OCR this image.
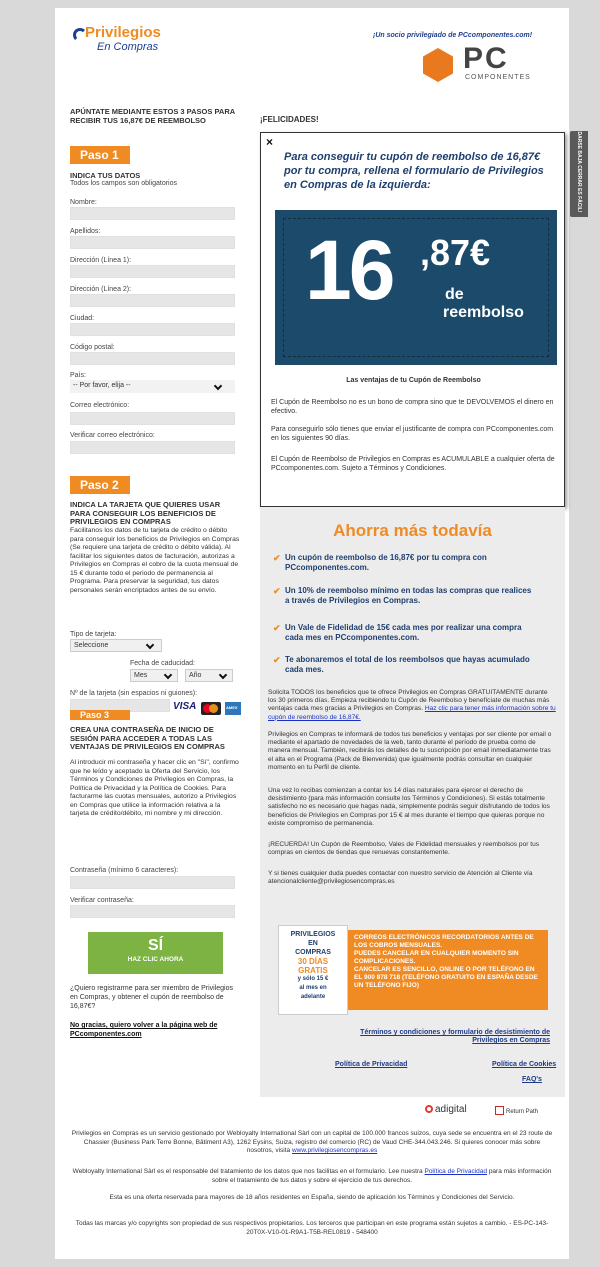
Privilegios
En Compras
¡Un socio privilegiado de PCcomponentes.com!
PC
COMPONENTES
APÚNTATE MEDIANTE ESTOS 3 PASOS PARA RECIBIR TUS 16,87€ DE REEMBOLSO
Paso 1
INDICA TUS DATOS
Todos los campos son obligatorios
Nombre:
Apellidos:
Dirección (Línea 1):
Dirección (Línea 2):
Ciudad:
Código postal:
País:
-- Por favor, elija --
Correo electrónico:
Verificar correo electrónico:
Paso 2
INDICA LA TARJETA QUE QUIERES USAR PARA CONSEGUIR LOS BENEFICIOS DE PRIVILEGIOS EN COMPRAS
Facilitanos los datos de tu tarjeta de crédito o débito para conseguir los beneficios de Privilegios en Compras (Se requiere una tarjeta de crédito o débito válida). Al facilitar los siguientes datos de facturación, autorizas a Privilegios en Compras el cobro de la cuota mensual de 15 € durante todo el periodo de permanencia al Programa. Para preservar la seguridad, tus datos personales serán encriptados antes de su envío.
Tipo de tarjeta:
Seleccione
Fecha de caducidad:
Mes	Año
Nº de la tarjeta (sin espacios ni guiones):
VISA	AMEX
Paso 3
CREA UNA CONTRASEÑA DE INICIO DE SESIÓN PARA ACCEDER A TODAS LAS VENTAJAS DE PRIVILEGIOS EN COMPRAS
Al introducir mi contraseña y hacer clic en "Sí", confirmo que he leído y aceptado la Oferta del Servicio, los Términos y Condiciones de Privilegios en Compras, la Política de Privacidad y la Política de Cookies. Para facturarme las cuotas mensuales, autorizo a Privilegios en Compras que utilice la información relativa a la tarjeta de crédito/débito, mi nombre y mi dirección.
Contraseña (mínimo 6 caracteres):
Verificar contraseña:
SÍ
HAZ CLIC AHORA
¿Quiero registrarme para ser miembro de Privilegios en Compras, y obtener el cupón de reembolso de 16,87€?
No gracias, quiero volver a la página web de PCcomponentes.com
¡FELICIDADES!
×
Para conseguir tu cupón de reembolso de 16,87€ por tu compra, rellena el formulario de Privilegios en Compras de la izquierda:
16 ,87€
de
reembolso
Las ventajas de tu Cupón de Reembolso
El Cupón de Reembolso no es un bono de compra sino que te DEVOLVEMOS el dinero en efectivo.
Para conseguirlo sólo tienes que enviar el justificante de compra con PCcomponentes.com en los siguientes 90 días.
El Cupón de Reembolso de Privilegios en Compras es ACUMULABLE a cualquier oferta de PCcomponentes.com. Sujeto a Términos y Condiciones.
DARSE BAJA CERRAR ES FÁCIL!
Ahorra más todavía
✔ Un cupón de reembolso de 16,87€ por tu compra con PCcomponentes.com.
✔ Un 10% de reembolso mínimo en todas las compras que realices a través de Privilegios en Compras.
✔ Un Vale de Fidelidad de 15€ cada mes por realizar una compra cada mes en PCcomponentes.com.
✔ Te abonaremos el total de los reembolsos que hayas acumulado cada mes.
Solicita TODOS los beneficios que te ofrece Privilegios en Compras GRATUITAMENTE durante los 30 primeros días. Empieza recibiendo tu Cupón de Reembolso y benefíciate de muchas más ventajas cada mes gracias a Privilegios en Compras. Haz clic para tener más información sobre tu cupón de reembolso de 16,87€.
Privilegios en Compras te informará de todos tus beneficios y ventajas por ser cliente por email o mediante el apartado de novedades de la web, tanto durante el período de prueba como de manera mensual. También, recibirás los detalles de tu suscripción por email inmediatamente tras el alta en el Programa (Pack de Bienvenida) que igualmente podrás consultar en cualquier momento en tu Perfil de cliente.
Una vez lo recibas comienzan a contar los 14 días naturales para ejercer el derecho de desistimiento (para más información consulte los Términos y Condiciones). Si estás totalmente satisfecho no es necesario que hagas nada, simplemente podrás seguir disfrutando de todos los beneficios de Privilegios en Compras por 15 € al mes durante el tiempo que quieras porque no existe compromiso de permanencia.
¡RECUERDA! Un Cupón de Reembolso, Vales de Fidelidad mensuales y reembolsos por tus compras en cientos de tiendas que renuevas constantemente.
Y si tienes cualquier duda puedes contactar con nuestro servicio de Atención al Cliente vía atencionalcliente@privilegiosencompras.es
PRIVILEGIOS
EN
COMPRAS
30 DÍAS
GRATIS
y sólo 15 €
al mes en
adelante
CORREOS ELECTRÓNICOS RECORDATORIOS ANTES DE LOS COBROS MENSUALES.
PUEDES CANCELAR EN CUALQUIER MOMENTO SIN COMPLICACIONES.
CANCELAR ES SENCILLO, ONLINE O POR TELÉFONO EN EL 900 878 718 (TELÉFONO GRATUITO EN ESPAÑA DESDE UN TELÉFONO FIJO)
Términos y condiciones y formulario de desistimiento de Privilegios en Compras
Política de Privacidad	Política de Cookies
FAQ's
adigital	Return Path
Privilegios en Compras es un servicio gestionado por Webloyalty International Sàrl con un capital de 100.000 francos suizos, cuya sede se encuentra en el 23 route de Chassier (Business Park Terre Bonne, Bâtiment A3), 1262 Eysins, Suiza, registro del comercio (RC) de Vaud CHE-344.043.246. Si quieres conocer más sobre nosotros, visita www.privilegiosencompras.es
Webloyalty International Sàrl es el responsable del tratamiento de los datos que nos facilitas en el formulario. Lee nuestra Política de Privacidad para más información sobre el tratamiento de tus datos y sobre el ejercicio de tus derechos.
Esta es una oferta reservada para mayores de 18 años residentes en España, siendo de aplicación los Términos y Condiciones del Servicio.
Todas las marcas y/o copyrights son propiedad de sus respectivos propietarios. Los terceros que participan en este programa están sujetos a cambio. - ES-PC-143-20T0X-V10-01-R9A1-T5B-REL0819 - 548400
